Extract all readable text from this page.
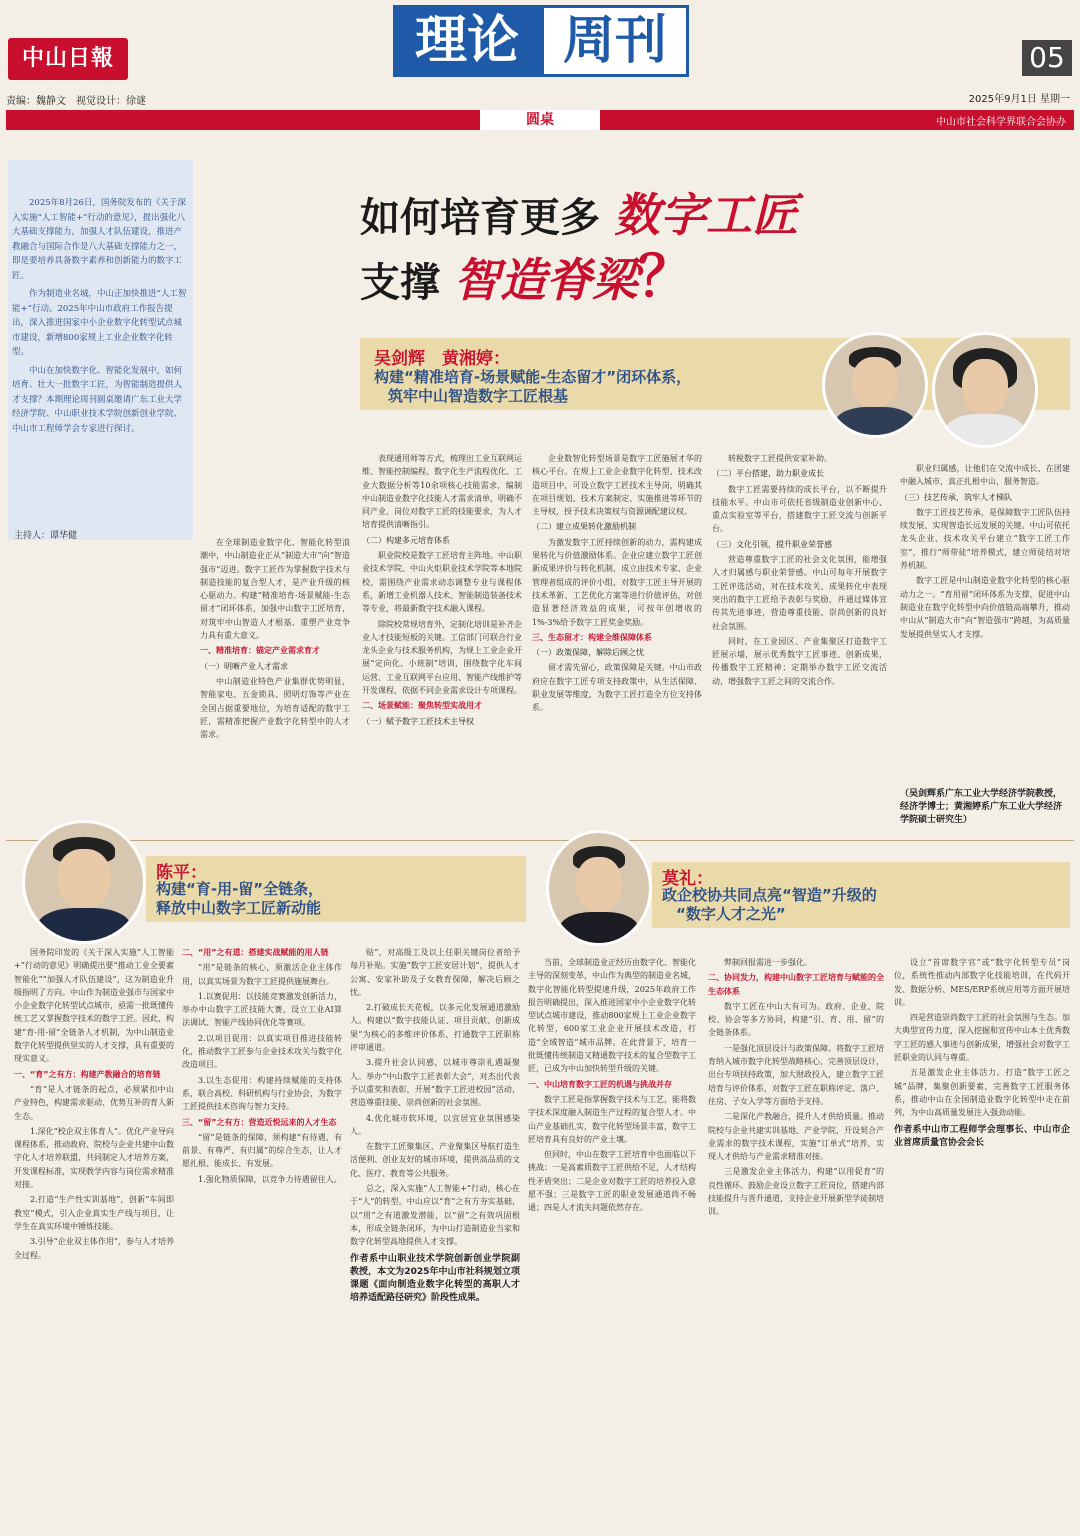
中山日報	理论 周刊	05
责编：魏静文　视觉设计：徐谜	2025年9月1日 星期一
圆桌	中山市社会科学界联合会协办

2025年8月26日，国务院发布的《关于深入实施“人工智能+”行动的意见》，提出强化八大基础支撑能力，加强人才队伍建设，推进产教融合与国际合作是八大基础支撑能力之一，即是要培养具备数字素养和创新能力的数字工匠。

作为制造业名城，中山正加快推进“人工智能+”行动。2025年中山市政府工作报告提出，深入推进国家中小企业数字化转型试点城市建设，新增800家规上工业企业数字化转型。

中山在加快数字化、智能化发展中，如何培育、壮大一批数字工匠，为智能制造提供人才支撑？本期理论周刊圆桌邀请广东工业大学经济学院、中山职业技术学院创新创业学院、中山市工程师学会专家进行探讨。

主持人：谭华健
如何培育更多 数字工匠
支撑 智造脊梁？
吴剑辉　黄湘婷：
构建“精准培育-场景赋能-生态留才”闭环体系，
筑牢中山智造数字工匠根基

在全球制造业数字化、智能化转型浪潮中，中山制造业正从“制造大市”向“智造强市”迈进。数字工匠作为掌握数字技术与制造技能的复合型人才，是产业升级的核心驱动力。构建“精准培育-场景赋能-生态留才”闭环体系，加强中山数字工匠培育，对筑牢中山智造人才根基、重塑产业竞争力具有重大意义。

一、精准培育：锚定产业需求育才

（一）明晰产业人才需求

中山制造业特色产业集群优势明显，智能家电、五金锁具、照明灯饰等产业在全国占据重要地位，为培育适配的数字工匠，需精准把握产业数字化转型中的人才需求。

表现通用师等方式，梳理出工业互联网运维、智能控制编程、数字化生产流程优化、工业大数据分析等10余项核心技能需求，编制中山制造业数字化技能人才需求清单，明确不同产业、岗位对数字工匠的技能要求，为人才培育提供清晰指引。

（二）构建多元培育体系

职业院校是数字工匠培育主阵地。中山职业技术学院、中山火炬职业技术学院等本地院校，需围绕产业需求动态调整专业与课程体系，新增工业机器人技术、智能制造装备技术等专业，将最新数字技术融入课程。

除院校常规培育外，定制化培训是补齐企业人才技能短板的关键。工信部门可联合行业龙头企业与技术服务机构，为规上工业企业开展“定向化、小班制”培训，围绕数字化车间运营、工业互联网平台应用、智能产线维护等开发课程，依据不同企业需求设计专项课程。

二、场景赋能：聚焦转型实战用才

（一）赋予数字工匠技术主导权

企业数智化转型场景是数字工匠施展才华的核心平台。在规上工业企业数字化转型、技术改造项目中，可设立数字工匠技术主导岗，明确其在项目规划、技术方案制定、实施推进等环节的主导权，授予技术决策权与资源调配建议权。

（二）建立成果转化激励机制

为激发数字工匠持续创新的动力，需构建成果转化与价值激励体系。企业应建立数字工匠创新成果评价与转化机制，成立由技术专家、企业管理者组成的评价小组，对数字工匠主导开展的技术革新、工艺优化方案等进行价值评估，对创造显著经济效益的成果，可按年创增收的1%-3%给予数字工匠奖金奖励。

三、生态留才：构建全维保障体系

（一）政策保障，解除后顾之忧

留才需先留心，政策保障是关键。中山市政府应在数字工匠专项支持政策中，从生活保障、职业发展等维度，为数字工匠打造全方位支持体系。

转税数字工匠提供安家补助。

（二）平台搭建，助力职业成长

数字工匠需要持续的成长平台，以不断提升技能水平。中山市可依托省级制造业创新中心、重点实验室等平台，搭建数字工匠交流与创新平台。

（三）文化引领，提升职业荣誉感

营造尊重数字工匠的社会文化氛围，能增强人才归属感与职业荣誉感。中山可每年开展数字工匠评选活动，对在技术攻关、成果转化中表现突出的数字工匠给予表彰与奖励，并通过媒体宣传其先进事迹，营造尊重技能、崇尚创新的良好社会氛围。

同时，在工业园区、产业集聚区打造数字工匠展示墙，展示优秀数字工匠事迹、创新成果，传播数字工匠精神；定期举办数字工匠交流活动，增强数字工匠之间的交流合作。

职业归属感，让他们在交流中成长、在团建中融入城市，真正扎根中山，服务智造。

（三）技艺传承，筑牢人才梯队

数字工匠技艺传承，是保障数字工匠队伍持续发展、实现智造长远发展的关键。中山可依托龙头企业、技术攻关平台建立“数字工匠工作室”，推行“师带徒”培养模式，建立师徒结对培养机制。

数字工匠是中山制造业数字化转型的核心驱动力之一。“育用留”闭环体系为支撑，促进中山制造业在数字化转型中向价值链高端攀升，推动中山从“制造大市”向“智造强市”跨越，为高质量发展提供坚实人才支撑。

（吴剑辉系广东工业大学经济学院教授，经济学博士；黄湘婷系广东工业大学经济学院硕士研究生）
陈平：
构建“育-用-留”全链条，
释放中山数字工匠新动能
莫礼：
政企校协共同点亮“智造”升级的
“数字人才之光”

国务院印发的《关于深入实施“人工智能+”行动的意见》明确提出要“推动工业全要素智能化”“加强人才队伍建设”，这为制造业升级指明了方向。中山作为制造业强市与国家中小企业数字化转型试点城市，亟需一批既懂传统工艺又掌握数字技术的数字工匠。因此，构建“育-用-留”全链条人才机制，为中山制造业数字化转型提供坚实的人才支撑，具有重要的现实意义。

一、“育”之有方：构建产教融合的培育链

“育”是人才链条的起点，必须紧扣中山产业特色，构建需求驱动、优势互补的育人新生态。

1.深化“校企双主体育人”。优化产业导向课程体系，推动政府、院校与企业共建中山数字化人才培养联盟，共同制定人才培养方案，开发课程标准，实现教学内容与岗位需求精准对接。

2.打造“生产性实训基地”，创新“车间即教室”模式，引入企业真实生产线与项目，让学生在真实环境中锤炼技能。

3.引导“企业双主体作用”，参与人才培养全过程。

二、“用”之有道：搭建实战赋能的用人链

“用”是链条的核心，须激活企业主体作用，以真实场景为数字工匠提供施展舞台。

1.以赛促用：以技能竞赛激发创新活力，举办中山数字工匠技能大赛，设立工业AI算法调试、智能产线协同优化等赛项。

2.以项目促用：以真实项目推进技能转化，推动数字工匠参与企业技术攻关与数字化改造项目。

3.以生态促用：构建持续赋能的支持体系，联合高校、科研机构与行业协会，为数字工匠提供技术咨询与智力支持。

三、“留”之有方：营造近悦远来的人才生态

“留”是链条的保障，须构建“有待遇、有前景、有尊严、有归属”的综合生态，让人才愿扎根、能成长、有发展。

1.强化物质保障，以竞争力待遇留住人。

贴”，对高级工及以上任职关键岗位者给予每月补贴。实施“数字工匠安居计划”，提供人才公寓、安家补助及子女教育保障，解决后顾之忧。

2.打破成长天花板，以多元化发展通道激励人。构建以“数字技能认证、项目贡献、创新成果”为核心的多维评价体系，打通数字工匠职称评审通道。

3.提升社会认同感，以城市尊崇礼遇凝聚人。举办“中山数字工匠表彰大会”，对杰出代表予以重奖和表彰，开展“数字工匠进校园”活动，营造尊重技能、崇尚创新的社会氛围。

4.优化城市软环境，以宜居宜业氛围感染人。

在数字工匠聚集区、产业聚集区导航打造生活便利、创业友好的城市环境，提供高品质的文化、医疗、教育等公共服务。

总之，深入实施“人工智能+”行动，核心在于“人”的转型。中山应以“育”之有方夯实基础，以“用”之有道激发潜能，以“留”之有效巩固根本，形成全链条闭环，为中山打造制造业当家和数字化转型高地提供人才支撑。

作者系中山职业技术学院创新创业学院副教授，本文为2025年中山市社科规划立项课题《面向制造业数字化转型的高职人才培养适配路径研究》阶段性成果。

当前，全球制造业正经历由数字化、智能化主导的深刻变革，中山作为典型的制造业名城，数字化智能化转型提速升级，2025年政府工作报告明确提出，深入推进国家中小企业数字化转型试点城市建设，推动800家规上工业企业数字化转型，600家工业企业开展技术改造，打造“全域智造”城市品牌。在此背景下，培育一批既懂传统制造又精通数字技术的复合型数字工匠，已成为中山加快转型升级的关键。

一、中山培育数字工匠的机遇与挑战并存

数字工匠是指掌握数字技术与工艺，能将数字技术深度融入制造生产过程的复合型人才。中山产业基础扎实，数字化转型场景丰富，数字工匠培育具有良好的产业土壤。

但同时，中山在数字工匠培育中也面临以下挑战：一是高素质数字工匠供给不足，人才结构性矛盾突出；二是企业对数字工匠的培养投入意愿不强；三是数字工匠的职业发展通道尚不畅通；四是人才流失问题依然存在。

弊制回报需进一步强化。

二、协同发力，构建中山数字工匠培育与赋能的全生态体系

数字工匠在中山大有可为。政府、企业、院校、协会等多方协同，构建“引、育、用、留”的全链条体系。

一是强化顶层设计与政策保障。将数字工匠培育纳入城市数字化转型战略核心，完善顶层设计，出台专项扶持政策，加大财政投入，建立数字工匠培育与评价体系，对数字工匠在职称评定、落户、住房、子女入学等方面给予支持。

二是深化产教融合，提升人才供给质量。推动院校与企业共建实训基地、产业学院，开设契合产业需求的数字技术课程，实施“订单式”培养，实现人才供给与产业需求精准对接。

三是激发企业主体活力，构建“以用促育”的良性循环。鼓励企业设立数字工匠岗位，搭建内部技能提升与晋升通道，支持企业开展新型学徒制培训。

设立“首席数字官”或“数字化转型专员”岗位，系统性推动内部数字化技能培训，在代码开发、数据分析、MES/ERP系统应用等方面开展培训。

四是营造崇尚数字工匠的社会氛围与生态。加大典型宣传力度，深入挖掘和宣传中山本土优秀数字工匠的感人事迹与创新成果，增强社会对数字工匠职业的认同与尊重。

五是激发企业主体活力。打造“数字工匠之城”品牌，集聚创新要素，完善数字工匠服务体系，推动中山在全国制造业数字化转型中走在前列，为中山高质量发展注入强劲动能。

作者系中山市工程师学会理事长、中山市企业首席质量官协会会长
